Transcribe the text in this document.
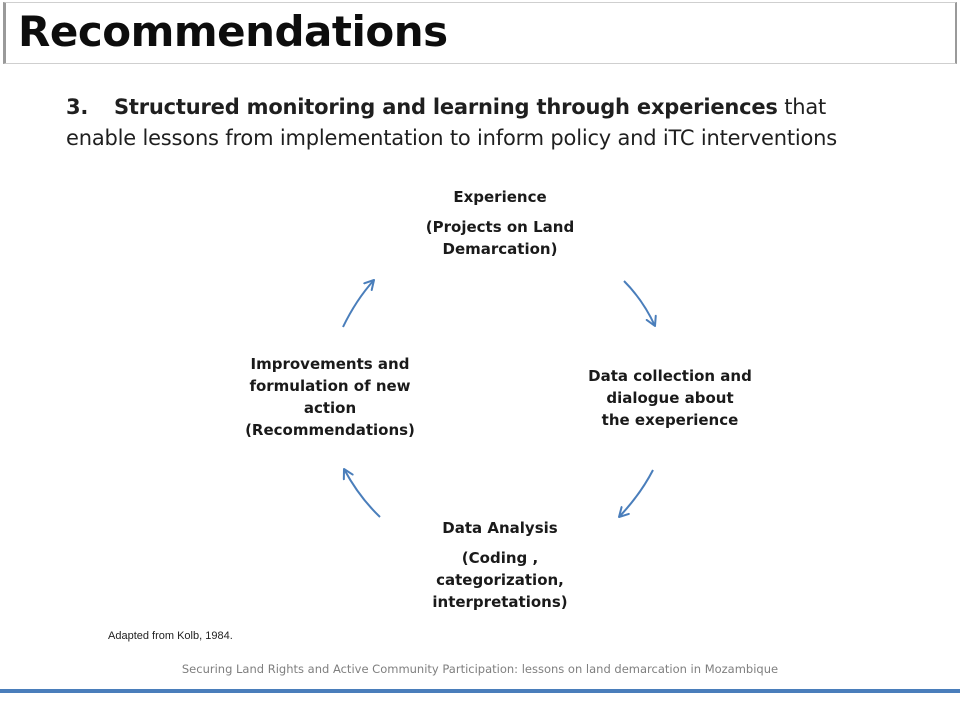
Recommendations
3. Structured monitoring and learning through experiences that
enable lessons from implementation to inform policy and iTC interventions
Experience
(Projects on Land
Demarcation)
Data collection and
dialogue about
the exeperience
Data Analysis
(Coding ,
categorization,
interpretations)
Improvements and
formulation of new
action
(Recommendations)
Adapted from Kolb, 1984.
Securing Land Rights and Active Community Participation: lessons on land demarcation in Mozambique
